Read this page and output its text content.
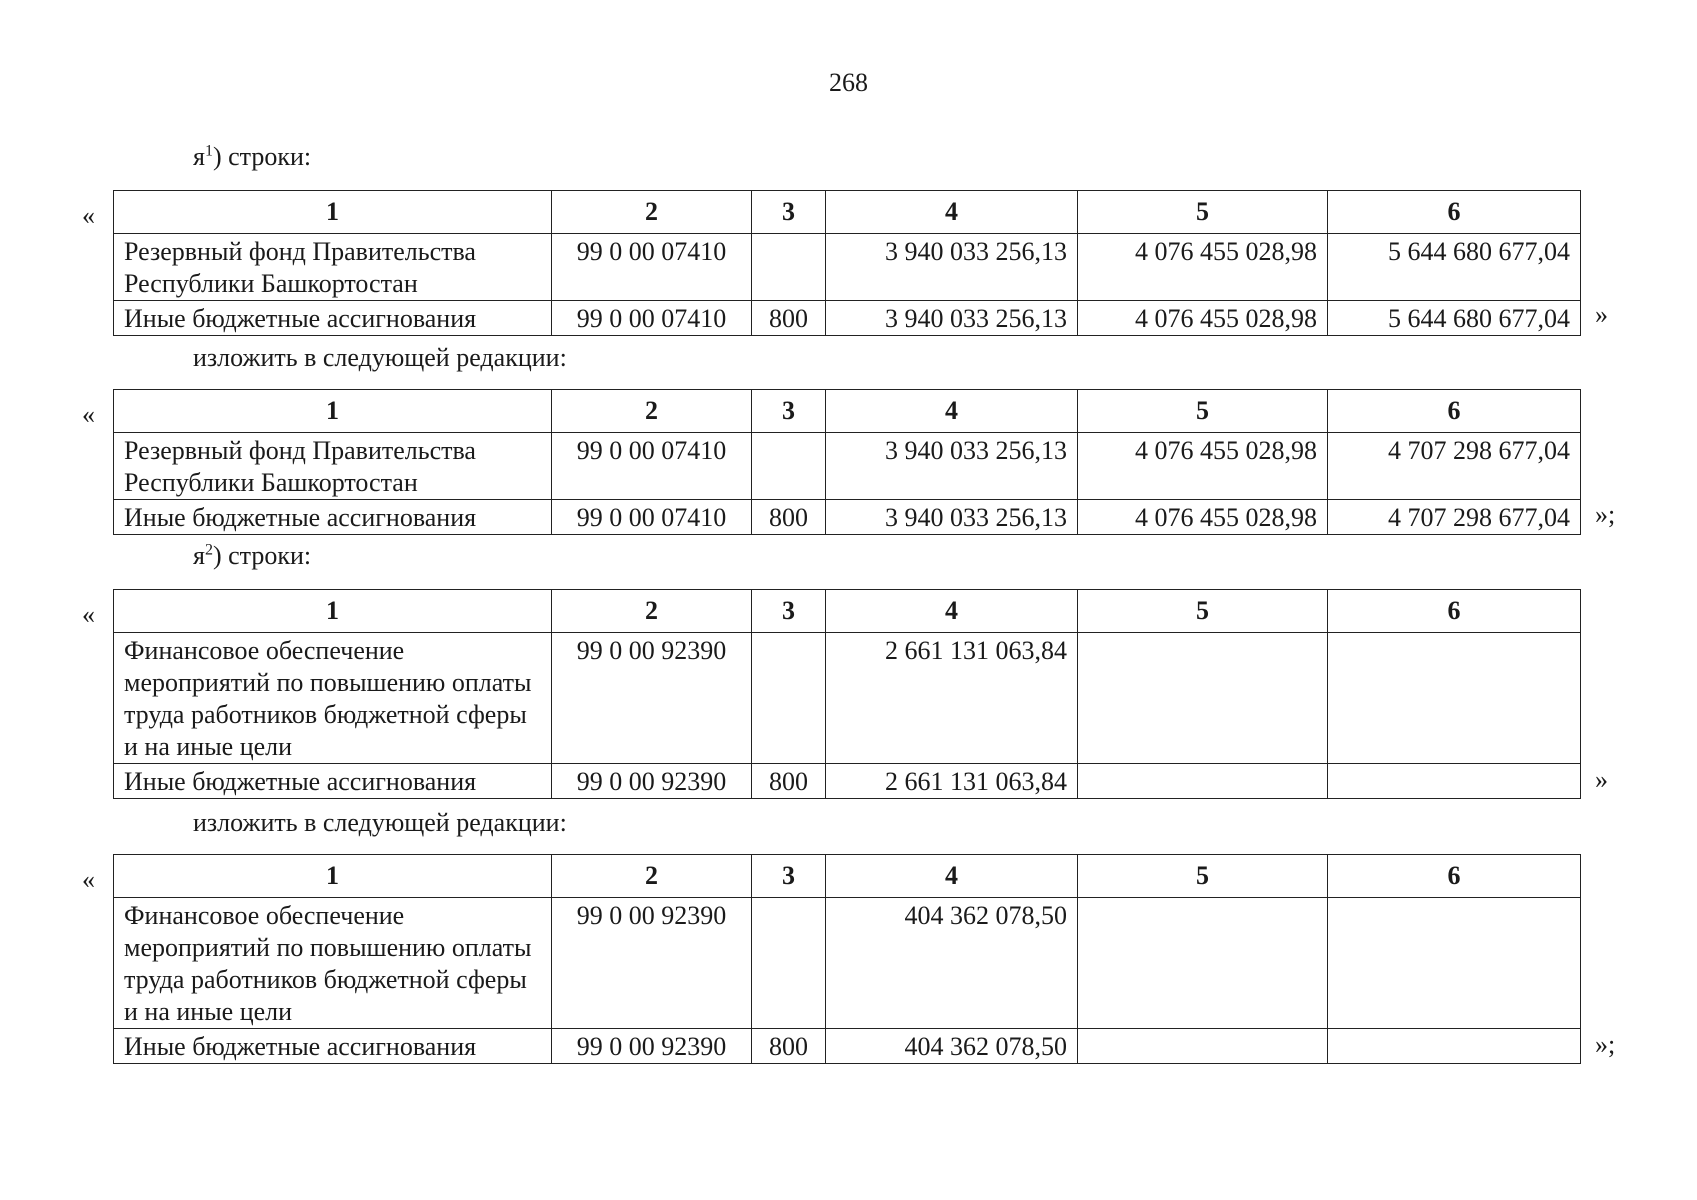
268
$я^1$) строки:
«	1	2	3	4	5	6
Резервный фонд Правительства Республики Башкортостан	99 0 00 07410		3 940 033 256,13	4 076 455 028,98	5 644 680 677,04
Иные бюджетные ассигнования	99 0 00 07410	800	3 940 033 256,13	4 076 455 028,98	5 644 680 677,04 »
изложить в следующей редакции:
«	1	2	3	4	5	6
Резервный фонд Правительства Республики Башкортостан	99 0 00 07410		3 940 033 256,13	4 076 455 028,98	4 707 298 677,04
Иные бюджетные ассигнования	99 0 00 07410	800	3 940 033 256,13	4 076 455 028,98	4 707 298 677,04 »;
$я^2$) строки:
«	1	2	3	4	5	6
Финансовое обеспечение мероприятий по повышению оплаты труда работников бюджетной сферы и на иные цели	99 0 00 92390		2 661 131 063,84		
Иные бюджетные ассигнования	99 0 00 92390	800	2 661 131 063,84			»
изложить в следующей редакции:
«	1	2	3	4	5	6
Финансовое обеспечение мероприятий по повышению оплаты труда работников бюджетной сферы и на иные цели	99 0 00 92390		404 362 078,50		
Иные бюджетные ассигнования	99 0 00 92390	800	404 362 078,50			»;
